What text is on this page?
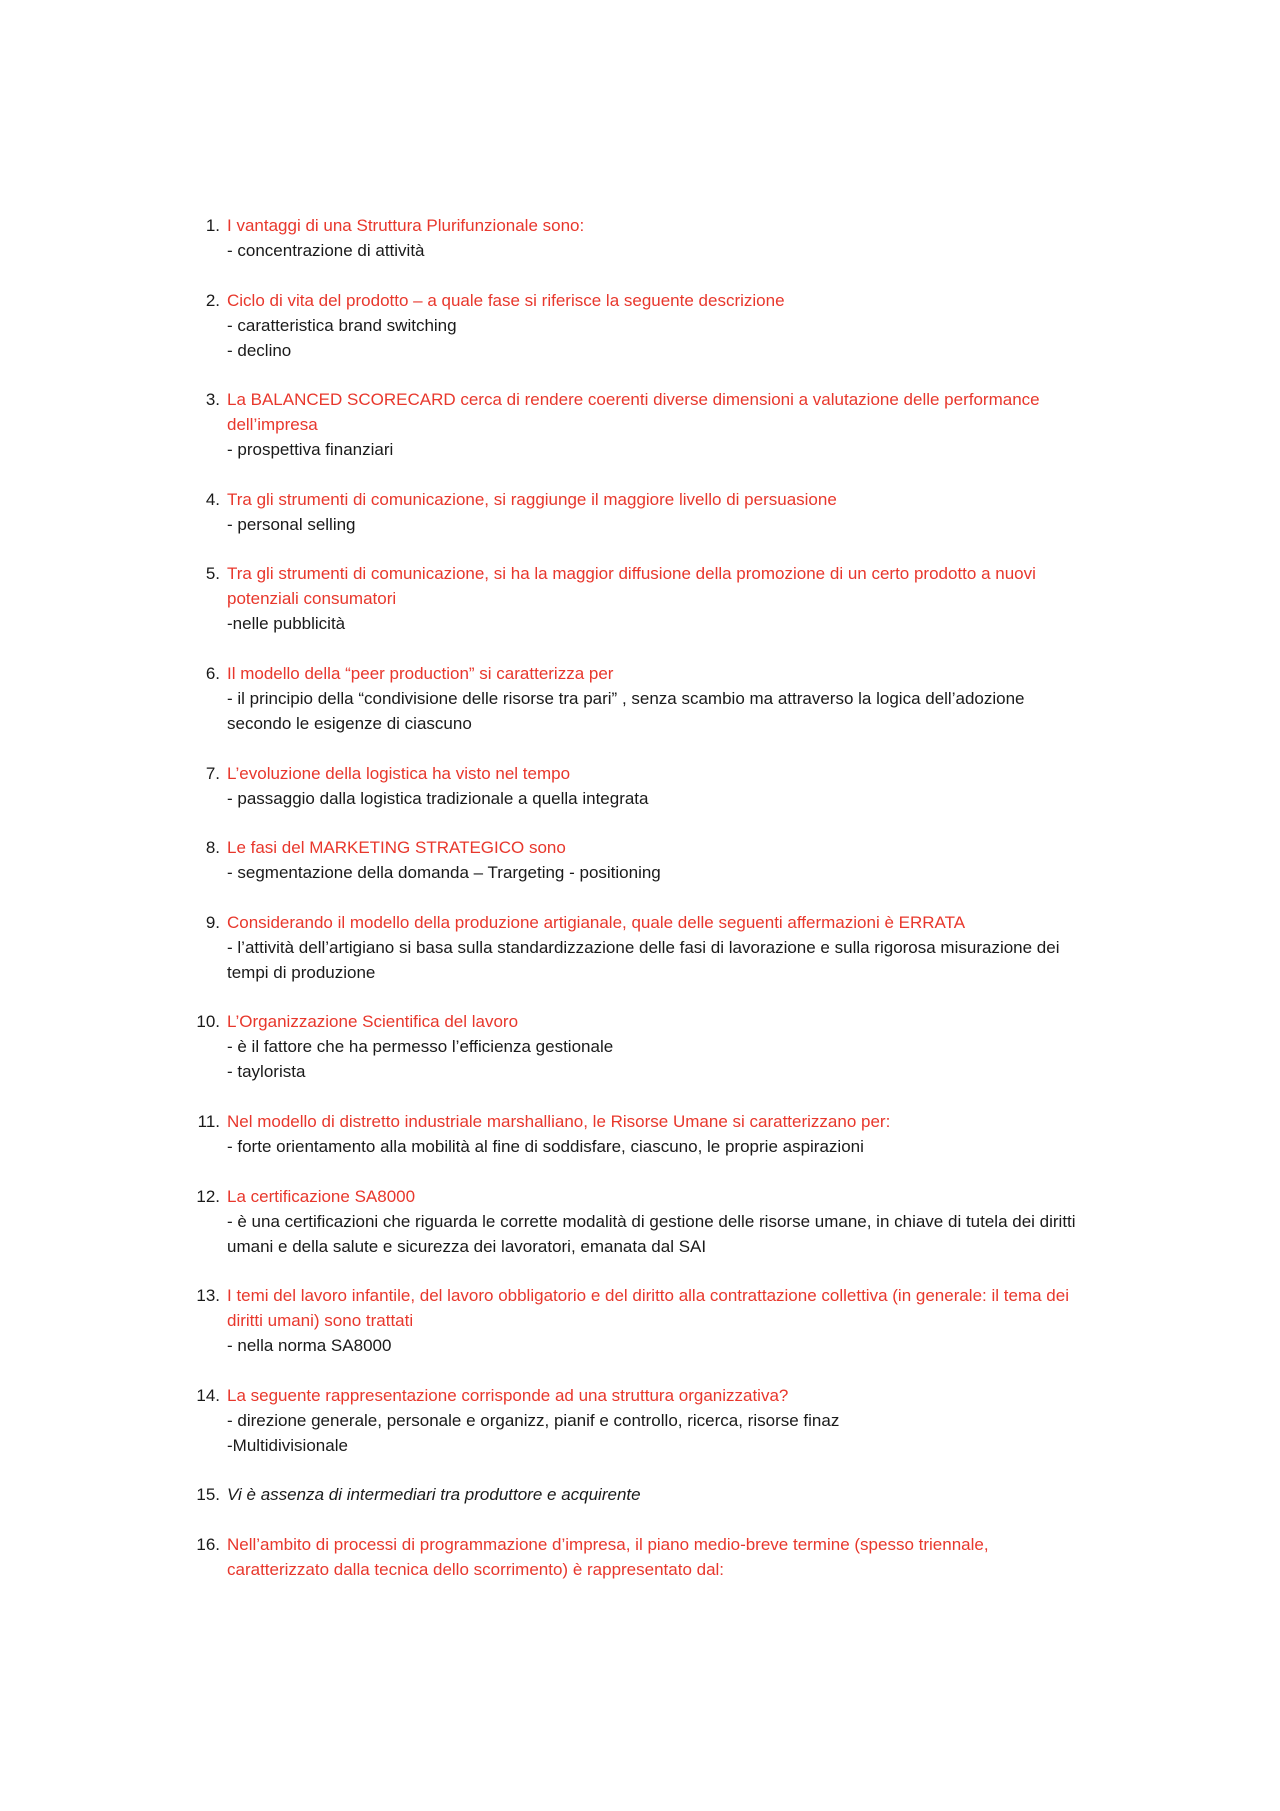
1. I vantaggi di una Struttura Plurifunzionale sono:
- concentrazione di attività
2. Ciclo di vita del prodotto – a quale fase si riferisce la seguente descrizione
- caratteristica brand switching
- declino
3. La BALANCED SCORECARD cerca di rendere coerenti diverse dimensioni a valutazione delle performance dell’impresa
- prospettiva finanziari
4. Tra gli strumenti di comunicazione, si raggiunge il maggiore livello di persuasione
- personal selling
5. Tra gli strumenti di comunicazione, si ha la maggior diffusione della promozione di un certo prodotto a nuovi potenziali consumatori
-nelle pubblicità
6. Il modello della “peer production” si caratterizza per
- il principio della “condivisione delle risorse tra pari” , senza scambio ma attraverso la logica dell’adozione secondo le esigenze di ciascuno
7. L’evoluzione della logistica ha visto nel tempo
- passaggio dalla logistica tradizionale a quella integrata
8. Le fasi del MARKETING STRATEGICO sono
- segmentazione della domanda – Trargeting - positioning
9. Considerando il modello della produzione artigianale, quale delle seguenti affermazioni è ERRATA
- l’attività dell’artigiano si basa sulla standardizzazione delle fasi di lavorazione e sulla rigorosa misurazione dei tempi di produzione
10. L’Organizzazione Scientifica del lavoro
- è il fattore che ha permesso l’efficienza gestionale
- taylorista
11. Nel modello di distretto industriale marshalliano, le Risorse Umane si caratterizzano per:
- forte orientamento alla mobilità al fine di soddisfare, ciascuno, le proprie aspirazioni
12. La certificazione SA8000
- è una certificazioni che riguarda le corrette modalità di gestione delle risorse umane, in chiave di tutela dei diritti umani e della salute e sicurezza dei lavoratori, emanata dal SAI
13. I temi del lavoro infantile, del lavoro obbligatorio e del diritto alla contrattazione collettiva (in generale: il tema dei diritti umani) sono trattati
- nella norma SA8000
14. La seguente rappresentazione corrisponde ad una struttura organizzativa?
- direzione generale, personale e organizz, pianif e controllo, ricerca, risorse finaz
-Multidivisionale
15. Vi è assenza di intermediari tra produttore e acquirente
16. Nell’ambito di processi di programmazione d’impresa, il piano medio-breve termine (spesso triennale, caratterizzato dalla tecnica dello scorrimento) è rappresentato dal:
